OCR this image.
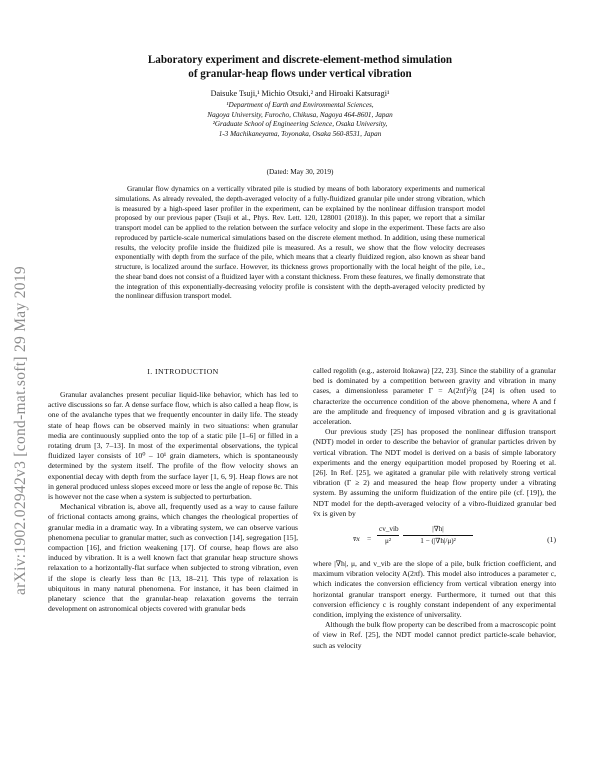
arXiv:1902.02942v3 [cond-mat.soft] 29 May 2019
Laboratory experiment and discrete-element-method simulation
of granular-heap flows under vertical vibration
Daisuke Tsuji,¹ Michio Otsuki,² and Hiroaki Katsuragi¹
¹Department of Earth and Environmental Sciences,
Nagoya University, Furocho, Chikusa, Nagoya 464-8601, Japan
²Graduate School of Engineering Science, Osaka University,
1-3 Machikaneyama, Toyonaka, Osaka 560-8531, Japan
(Dated: May 30, 2019)
Granular flow dynamics on a vertically vibrated pile is studied by means of both laboratory experiments and numerical simulations. As already revealed, the depth-averaged velocity of a fully-fluidized granular pile under strong vibration, which is measured by a high-speed laser profiler in the experiment, can be explained by the nonlinear diffusion transport model proposed by our previous paper (Tsuji et al., Phys. Rev. Lett. 120, 128001 (2018)). In this paper, we report that a similar transport model can be applied to the relation between the surface velocity and slope in the experiment. These facts are also reproduced by particle-scale numerical simulations based on the discrete element method. In addition, using these numerical results, the velocity profile inside the fluidized pile is measured. As a result, we show that the flow velocity decreases exponentially with depth from the surface of the pile, which means that a clearly fluidized region, also known as shear band structure, is localized around the surface. However, its thickness grows proportionally with the local height of the pile, i.e., the shear band does not consist of a fluidized layer with a constant thickness. From these features, we finally demonstrate that the integration of this exponentially-decreasing velocity profile is consistent with the depth-averaged velocity predicted by the nonlinear diffusion transport model.
I. INTRODUCTION

Granular avalanches present peculiar liquid-like behavior, which has led to active discussions so far. A dense surface flow, which is also called a heap flow, is one of the avalanche types that we frequently encounter in daily life. The steady state of heap flows can be observed mainly in two situations: when granular media are continuously supplied onto the top of a static pile [1–6] or filled in a rotating drum [3, 7–13]. In most of the experimental observations, the typical fluidized layer consists of 10⁰ – 10¹ grain diameters, which is spontaneously determined by the system itself. The profile of the flow velocity shows an exponential decay with depth from the surface layer [1, 6, 9]. Heap flows are not in general produced unless slopes exceed more or less the angle of repose θc. This is however not the case when a system is subjected to perturbation.

Mechanical vibration is, above all, frequently used as a way to cause failure of frictional contacts among grains, which changes the rheological properties of granular media in a dramatic way. In a vibrating system, we can observe various phenomena peculiar to granular matter, such as convection [14], segregation [15], compaction [16], and friction weakening [17]. Of course, heap flows are also induced by vibration. It is a well known fact that granular heap structure shows relaxation to a horizontally-flat surface when subjected to strong vibration, even if the slope is clearly less than θc [13, 18–21]. This type of relaxation is ubiquitous in many natural phenomena. For instance, it has been claimed in planetary science that the granular-heap relaxation governs the terrain development on astronomical objects covered with granular beds

called regolith (e.g., asteroid Itokawa) [22, 23]. Since the stability of a granular bed is dominated by a competition between gravity and vibration in many cases, a dimensionless parameter Γ = A(2πf)²/g [24] is often used to characterize the occurrence condition of the above phenomena, where A and f are the amplitude and frequency of imposed vibration and g is gravitational acceleration.

Our previous study [25] has proposed the nonlinear diffusion transport (NDT) model in order to describe the behavior of granular particles driven by vertical vibration. The NDT model is derived on a basis of simple laboratory experiments and the energy equipartition model proposed by Roering et al. [26]. In Ref. [25], we agitated a granular pile with relatively strong vertical vibration (Γ ≥ 2) and measured the heap flow property under a vibrating system. By assuming the uniform fluidization of the entire pile (cf. [19]), the NDT model for the depth-averaged velocity of a vibro-fluidized granular bed v̄x is given by

v̄x =
cv_vib
μ²	$\frac{|\nabla h|}{\text{1 − (|∇h|/μ)²}}$	(1)

where |∇h|, μ, and v_vib are the slope of a pile, bulk friction coefficient, and maximum vibration velocity A(2πf). This model also introduces a parameter c, which indicates the conversion efficiency from vertical vibration energy into horizontal granular transport energy. Furthermore, it turned out that this conversion efficiency c is roughly constant independent of any experimental condition, implying the existence of universality.

Although the bulk flow property can be described from a macroscopic point of view in Ref. [25], the NDT model cannot predict particle-scale behavior, such as velocity
